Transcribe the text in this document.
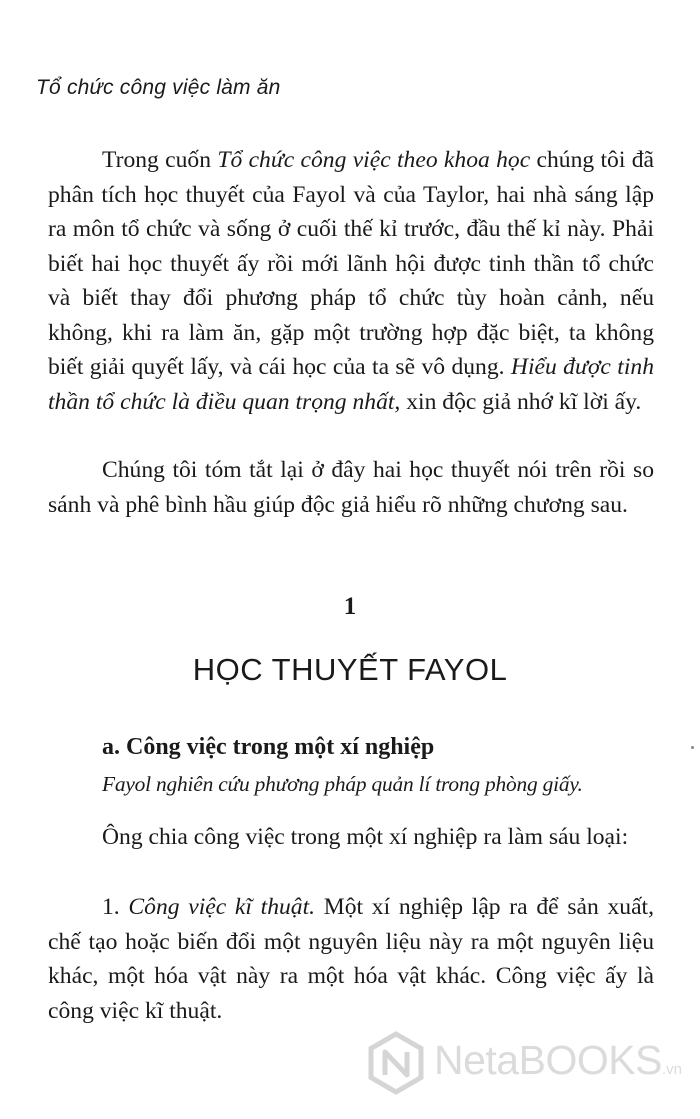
Tổ chức công việc làm ăn

Trong cuốn Tổ chức công việc theo khoa học chúng tôi đã phân tích học thuyết của Fayol và của Taylor, hai nhà sáng lập ra môn tổ chức và sống ở cuối thế kỉ trước, đầu thế kỉ này. Phải biết hai học thuyết ấy rồi mới lãnh hội được tinh thần tổ chức và biết thay đổi phương pháp tổ chức tùy hoàn cảnh, nếu không, khi ra làm ăn, gặp một trường hợp đặc biệt, ta không biết giải quyết lấy, và cái học của ta sẽ vô dụng. Hiểu được tinh thần tổ chức là điều quan trọng nhất, xin độc giả nhớ kĩ lời ấy.

Chúng tôi tóm tắt lại ở đây hai học thuyết nói trên rồi so sánh và phê bình hầu giúp độc giả hiểu rõ những chương sau.

1
HỌC THUYẾT FAYOL
a. Công việc trong một xí nghiệp
Fayol nghiên cứu phương pháp quản lí trong phòng giấy.

Ông chia công việc trong một xí nghiệp ra làm sáu loại:

1. Công việc kĩ thuật. Một xí nghiệp lập ra để sản xuất, chế tạo hoặc biến đổi một nguyên liệu này ra một nguyên liệu khác, một hóa vật này ra một hóa vật khác. Công việc ấy là công việc kĩ thuật.

NetaBOOKS.vn
